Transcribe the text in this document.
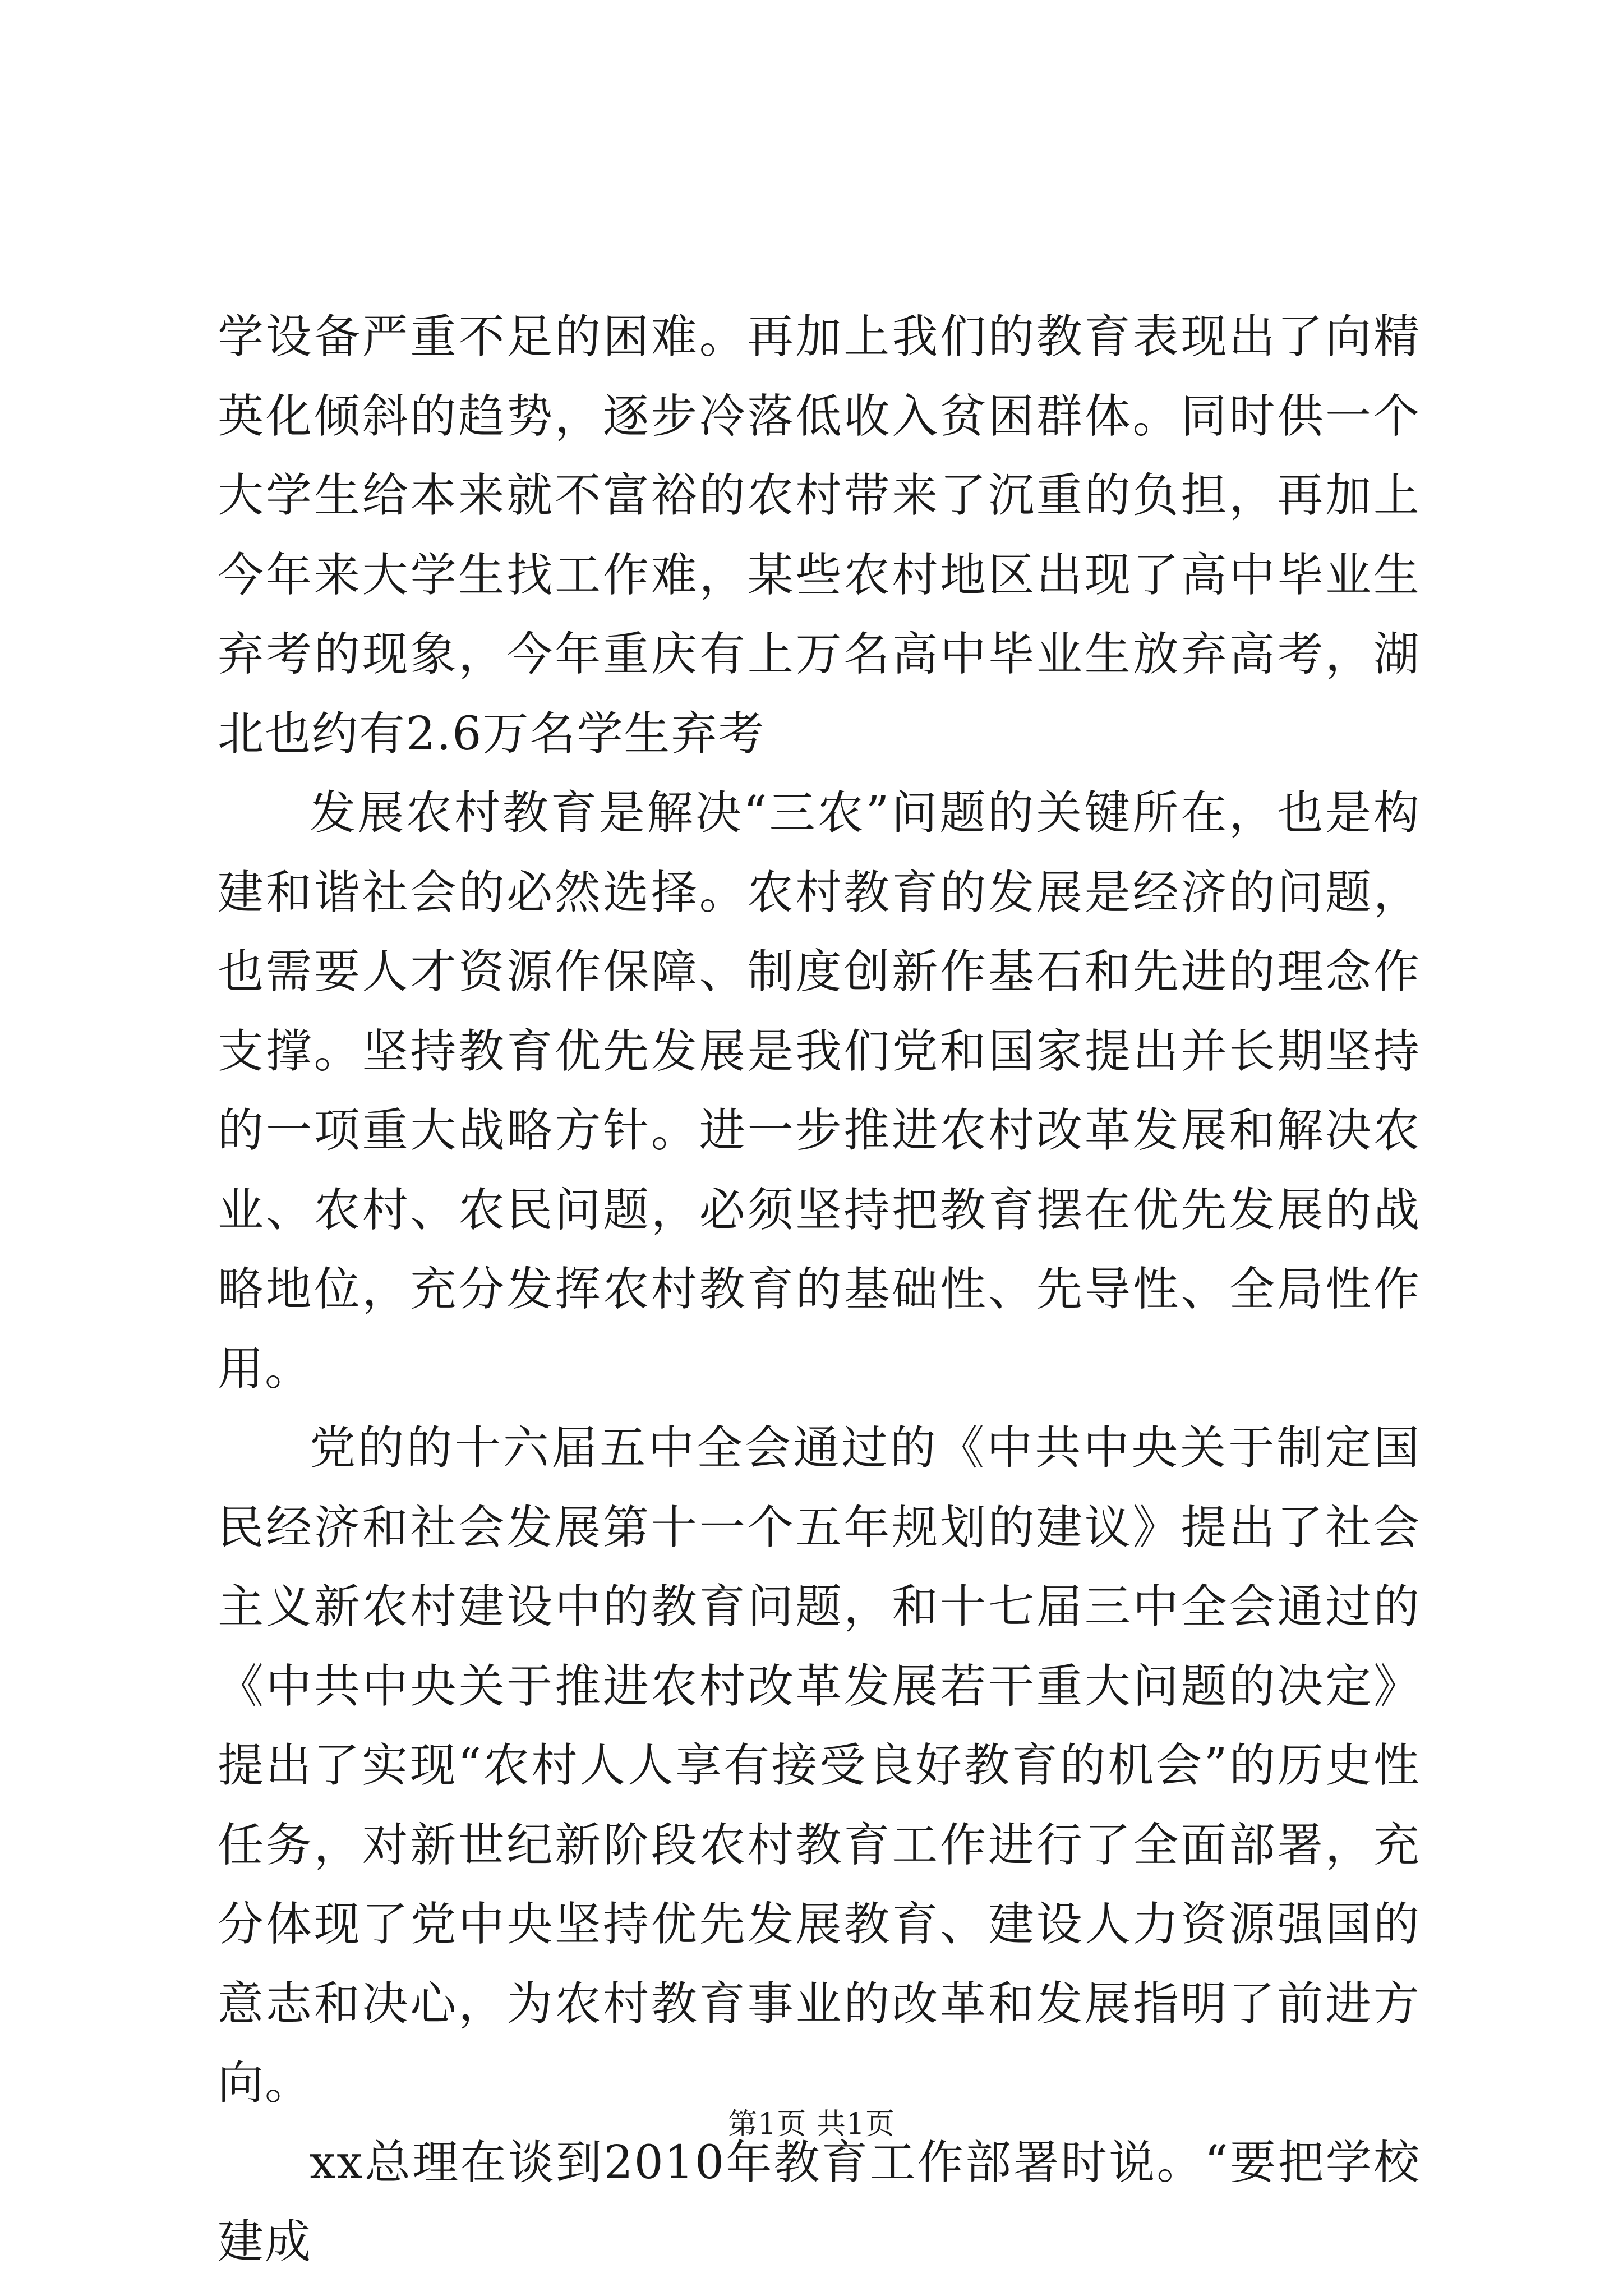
学设备严重不足的困难。再加上我们的教育表现出了向精英化倾斜的趋势，逐步冷落低收入贫困群体。同时供一个大学生给本来就不富裕的农村带来了沉重的负担，再加上今年来大学生找工作难，某些农村地区出现了高中毕业生弃考的现象，今年重庆有上万名高中毕业生放弃高考，湖北也约有2.6万名学生弃考

发展农村教育是解决“三农”问题的关键所在，也是构建和谐社会的必然选择。农村教育的发展是经济的问题，也需要人才资源作保障、制度创新作基石和先进的理念作支撑。坚持教育优先发展是我们党和国家提出并长期坚持的一项重大战略方针。进一步推进农村改革发展和解决农业、农村、农民问题，必须坚持把教育摆在优先发展的战略地位，充分发挥农村教育的基础性、先导性、全局性作用。

党的的十六届五中全会通过的《中共中央关于制定国民经济和社会发展第十一个五年规划的建议》提出了社会主义新农村建设中的教育问题，和十七届三中全会通过的《中共中央关于推进农村改革发展若干重大问题的决定》提出了实现“农村人人享有接受良好教育的机会”的历史性任务，对新世纪新阶段农村教育工作进行了全面部署，充分体现了党中央坚持优先发展教育、建设人力资源强国的意志和决心，为农村教育事业的改革和发展指明了前进方向。

xx总理在谈到2010年教育工作部署时说。“要把学校建成

第1页 共1页
